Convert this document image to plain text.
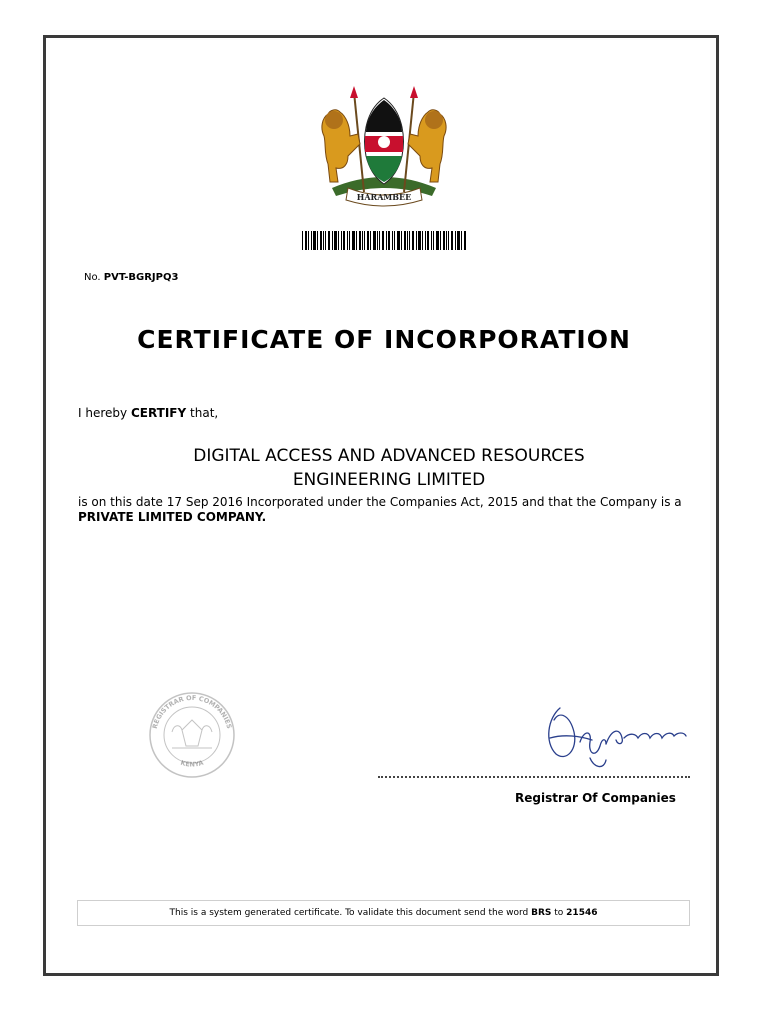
HARAMBEE
No. PVT-BGRJPQ3
CERTIFICATE OF INCORPORATION
I hereby CERTIFY that,
DIGITAL ACCESS AND ADVANCED RESOURCES
ENGINEERING LIMITED
is on this date 17 Sep 2016 Incorporated under the Companies Act, 2015 and that the Company is a PRIVATE LIMITED COMPANY.
REGISTRAR OF COMPANIES
KENYA
Registrar Of Companies
This is a system generated certificate. To validate this document send the word BRS to 21546
